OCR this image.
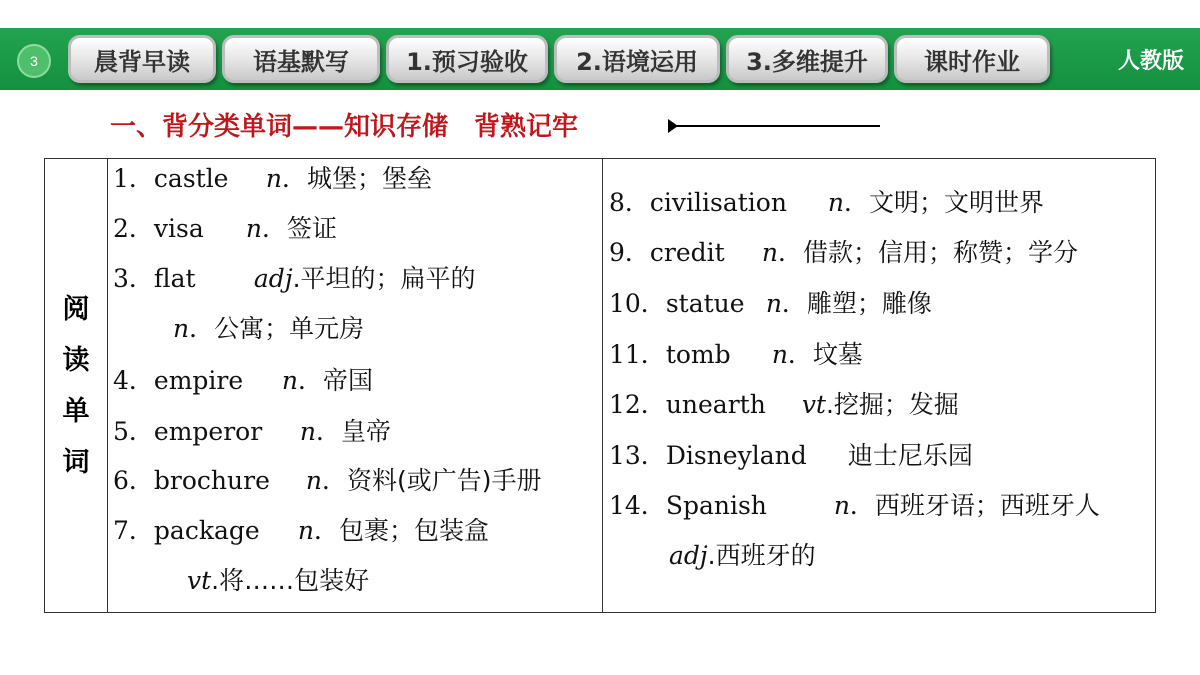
3	晨背早读	语基默写	1.预习验收	2.语境运用	3.多维提升	课时作业	人教版
一、背分类单词——知识存储　背熟记牢
阅
读
单
词
1．castle n．城堡；堡垒
2．visa n．签证
3．flat adj.平坦的；扁平的
n．公寓；单元房
4．empire n．帝国
5．emperor n．皇帝
6．brochure n．资料(或广告)手册
7．package n．包裹；包装盒
vt.将……包装好
8．civilisation n．文明；文明世界
9．credit n．借款；信用；称赞；学分
10．statue n．雕塑；雕像
11．tomb n．坟墓
12．unearth vt.挖掘；发掘
13．Disneyland 迪士尼乐园
14．Spanish	n．西班牙语；西班牙人
adj.西班牙的
